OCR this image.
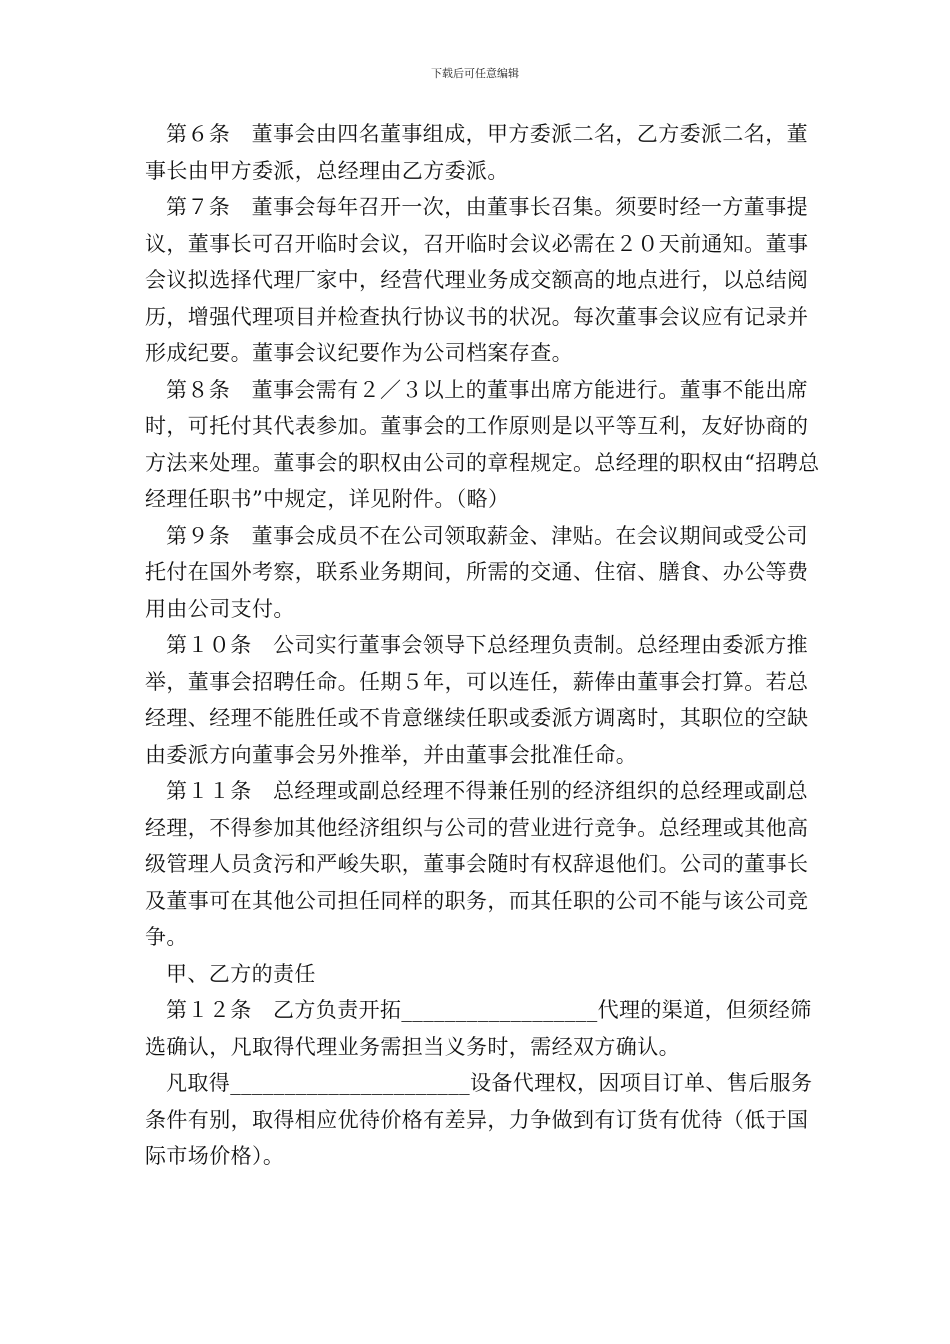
下载后可任意编辑

第６条　董事会由四名董事组成，甲方委派二名，乙方委派二名，董事长由甲方委派，总经理由乙方委派。

第７条　董事会每年召开一次，由董事长召集。须要时经一方董事提议，董事长可召开临时会议，召开临时会议必需在２０天前通知。董事会议拟选择代理厂家中，经营代理业务成交额高的地点进行，以总结阅历，增强代理项目并检查执行协议书的状况。每次董事会议应有记录并形成纪要。董事会议纪要作为公司档案存查。

第８条　董事会需有２／３以上的董事出席方能进行。董事不能出席时，可托付其代表参加。董事会的工作原则是以平等互利，友好协商的方法来处理。董事会的职权由公司的章程规定。总经理的职权由“招聘总经理任职书”中规定，详见附件。（略）

第９条　董事会成员不在公司领取薪金、津贴。在会议期间或受公司托付在国外考察，联系业务期间，所需的交通、住宿、膳食、办公等费用由公司支付。

第１０条　公司实行董事会领导下总经理负责制。总经理由委派方推举，董事会招聘任命。任期５年，可以连任，薪俸由董事会打算。若总经理、经理不能胜任或不肯意继续任职或委派方调离时，其职位的空缺由委派方向董事会另外推举，并由董事会批准任命。

第１１条　总经理或副总经理不得兼任别的经济组织的总经理或副总经理，不得参加其他经济组织与公司的营业进行竞争。总经理或其他高级管理人员贪污和严峻失职，董事会随时有权辞退他们。公司的董事长及董事可在其他公司担任同样的职务，而其任职的公司不能与该公司竞争。

甲、乙方的责任

第１２条　乙方负责开拓__________________代理的渠道，但须经筛选确认，凡取得代理业务需担当义务时，需经双方确认。

凡取得______________________设备代理权，因项目订单、售后服务条件有别，取得相应优待价格有差异，力争做到有订货有优待（低于国际市场价格）。
